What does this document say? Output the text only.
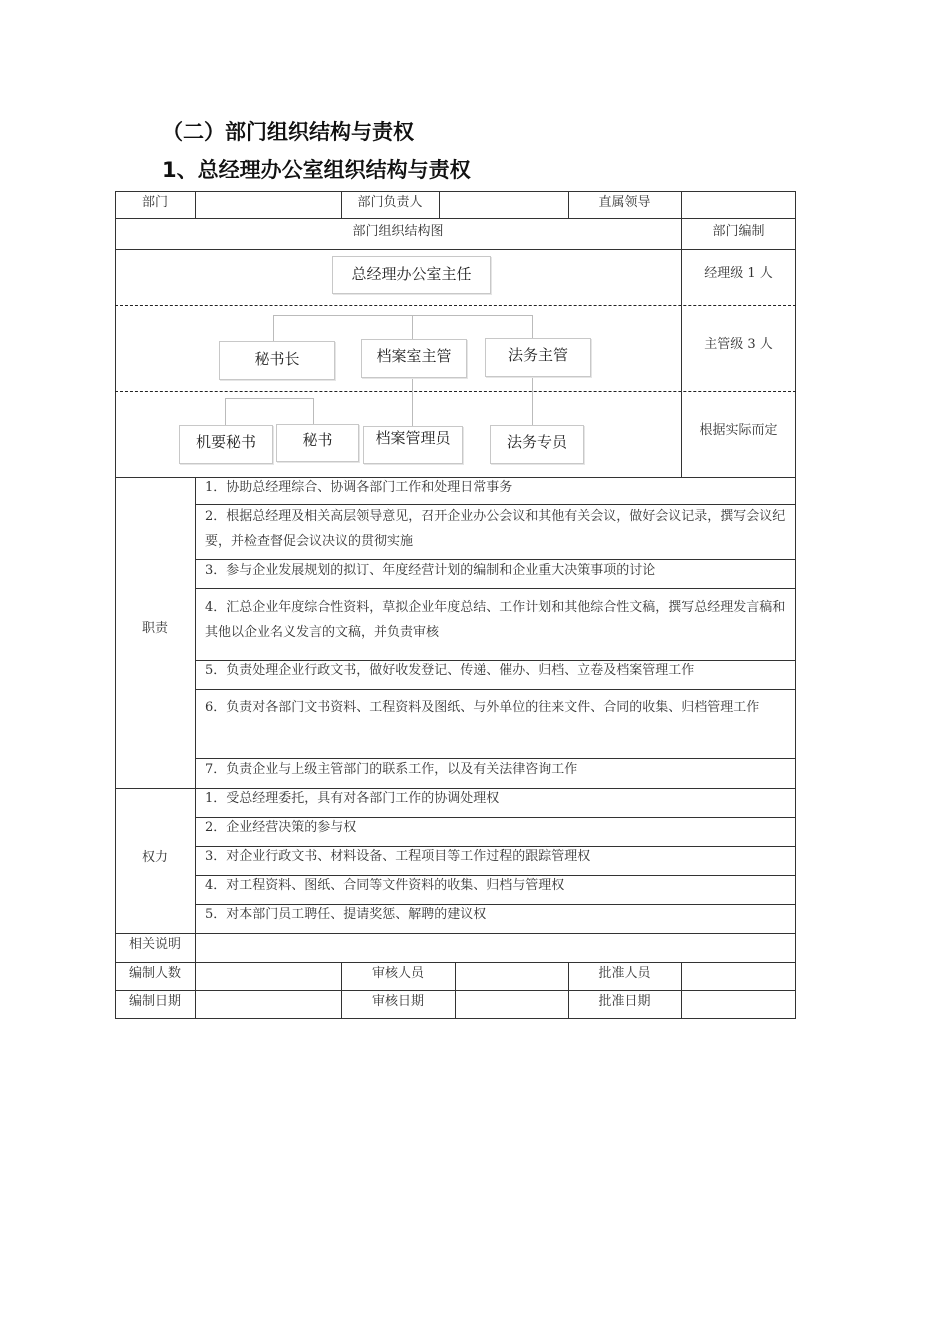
（二）部门组织结构与责权
1、总经理办公室组织结构与责权
部门	部门负责人	直属领导
部门组织结构图	部门编制
经理级 1 人
主管级 3 人
根据实际而定
总经理办公室主任
秘书长	档案室主管	法务主管
机要秘书	秘书	档案管理员	法务专员
职责
1．协助总经理综合、协调各部门工作和处理日常事务
2．根据总经理及相关高层领导意见，召开企业办公会议和其他有关会议，做好会议记录，撰写会议纪要，并检查督促会议决议的贯彻实施
3．参与企业发展规划的拟订、年度经营计划的编制和企业重大决策事项的讨论
4．汇总企业年度综合性资料，草拟企业年度总结、工作计划和其他综合性文稿，撰写总经理发言稿和其他以企业名义发言的文稿，并负责审核
5．负责处理企业行政文书，做好收发登记、传递、催办、归档、立卷及档案管理工作
6．负责对各部门文书资料、工程资料及图纸、与外单位的往来文件、合同的收集、归档管理工作
7．负责企业与上级主管部门的联系工作，以及有关法律咨询工作
权力
1．受总经理委托，具有对各部门工作的协调处理权
2．企业经营决策的参与权
3．对企业行政文书、材料设备、工程项目等工作过程的跟踪管理权
4．对工程资料、图纸、合同等文件资料的收集、归档与管理权
5．对本部门员工聘任、提请奖惩、解聘的建议权
相关说明
编制人数	审核人员	批准人员
编制日期	审核日期	批准日期
